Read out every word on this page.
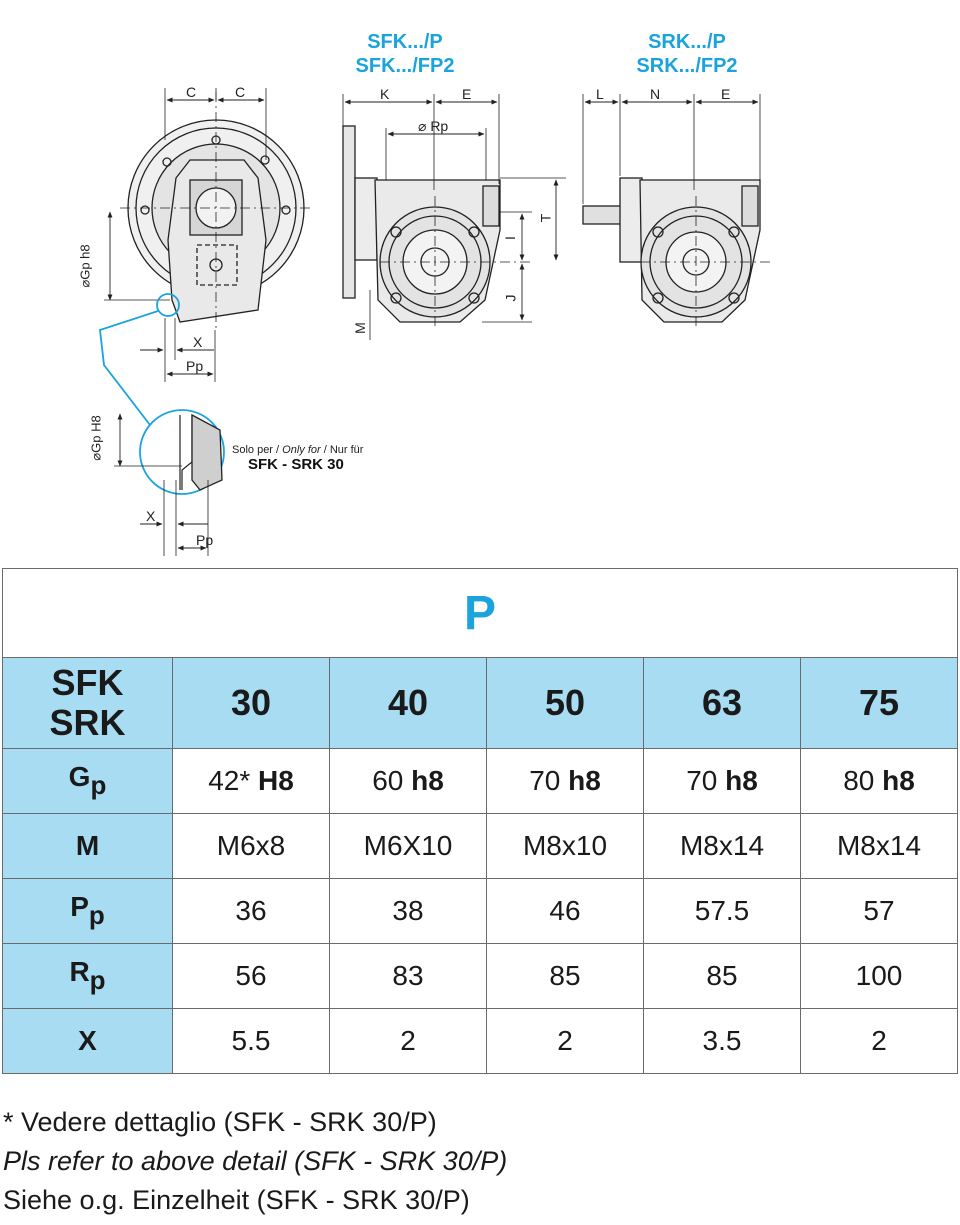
SFK.../P
SFK.../FP2
SRK.../P
SRK.../FP2
C	C	K	E	L	N	E
⌀ Rp
T
I
J
M
⌀Gp h8
X
Pp
⌀Gp H8
X
Pp
Solo per / Only for / Nur für
SFK - SRK 30
P					

SFK
SRK	30	40	50	63	75
$G_p$	42* H8	60 h8	70 h8	70 h8	80 h8
M	M6x8	M6X10	M8x10	M8x14	M8x14
$P_p$	36	38	46	57.5	57
$R_p$	56	83	85	85	100
X	5.5	2	2	3.5	2
* Vedere dettaglio (SFK - SRK 30/P)
Pls refer to above detail (SFK - SRK 30/P)
Siehe o.g. Einzelheit (SFK - SRK 30/P)
